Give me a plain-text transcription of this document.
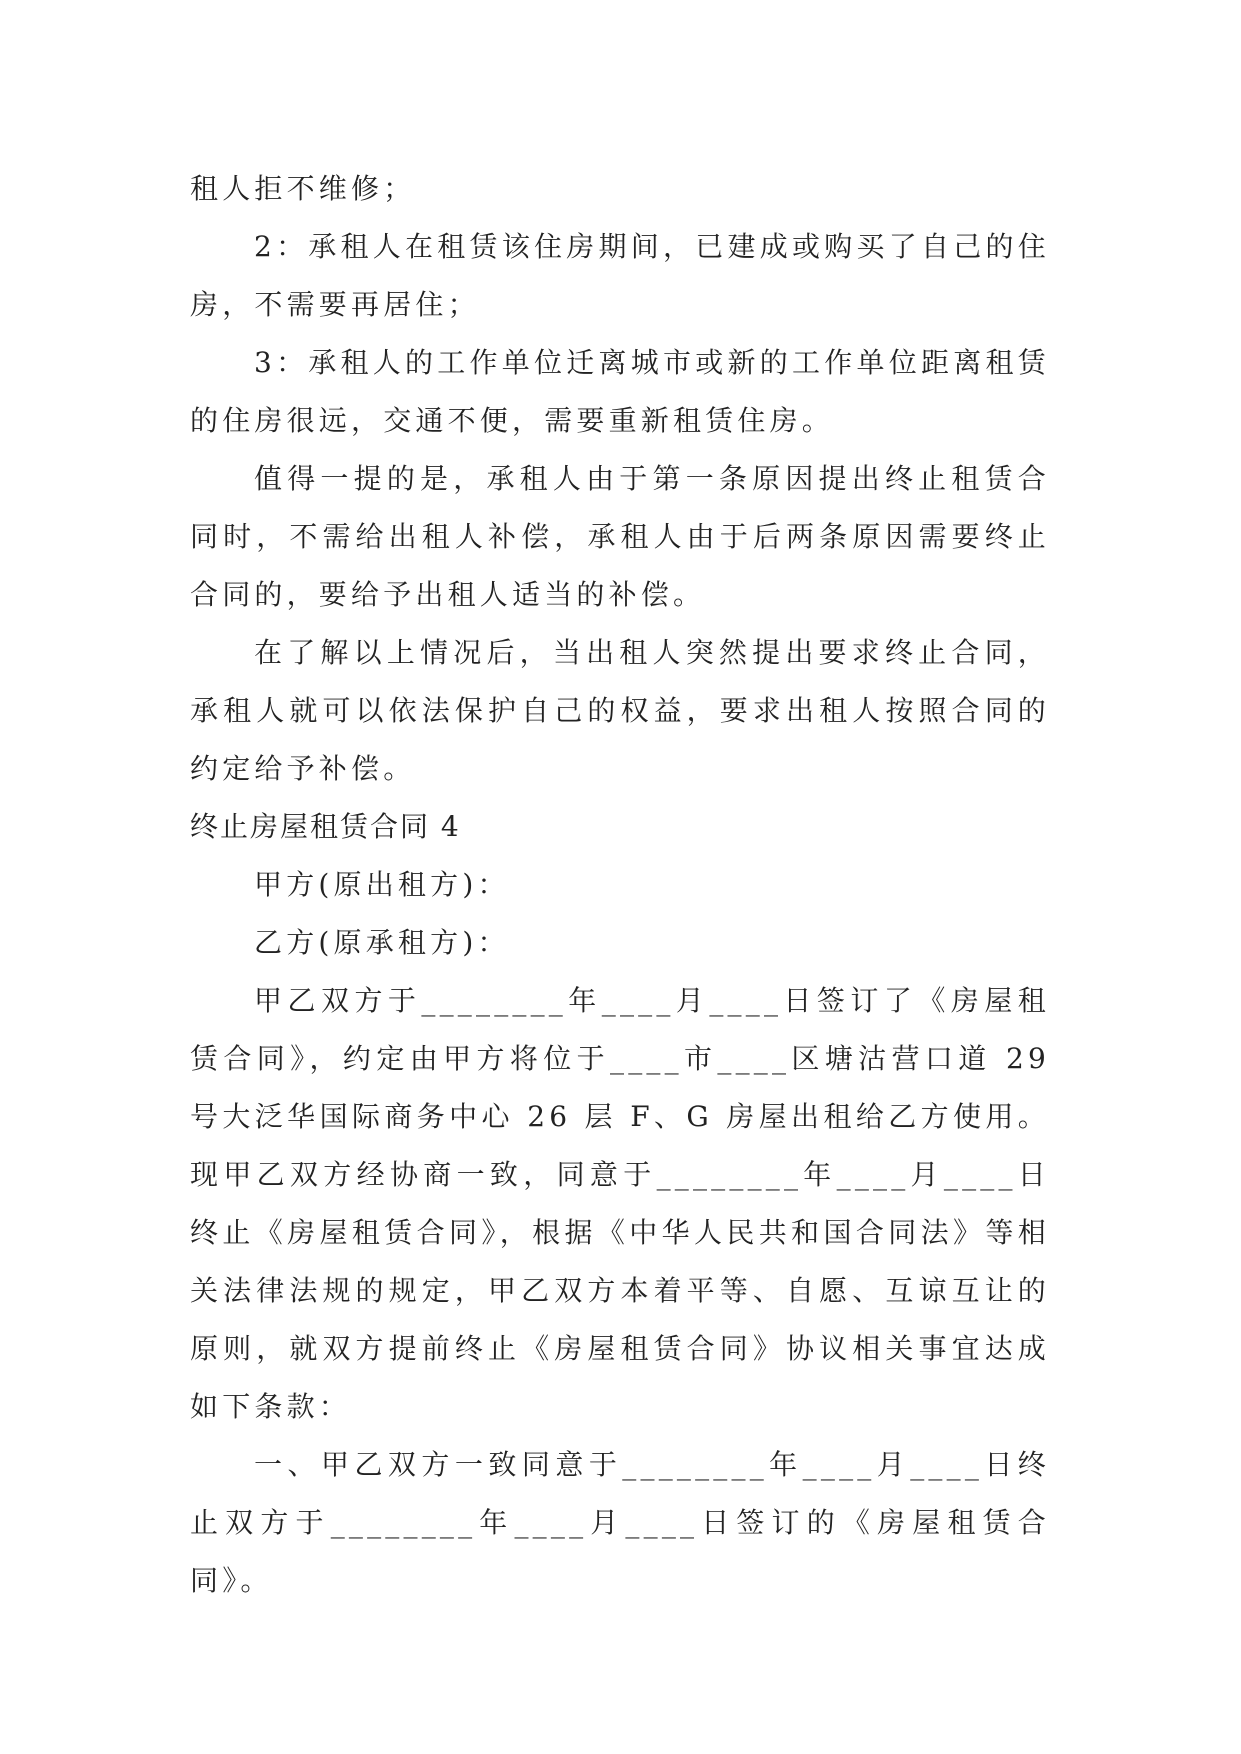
租人拒不维修；

2：承租人在租赁该住房期间，已建成或购买了自己的住房，不需要再居住；

3：承租人的工作单位迁离城市或新的工作单位距离租赁的住房很远，交通不便，需要重新租赁住房。

值得一提的是，承租人由于第一条原因提出终止租赁合同时，不需给出租人补偿，承租人由于后两条原因需要终止合同的，要给予出租人适当的补偿。

在了解以上情况后，当出租人突然提出要求终止合同，承租人就可以依法保护自己的权益，要求出租人按照合同的约定给予补偿。

终止房屋租赁合同 4

甲方(原出租方)：

乙方(原承租方)：

甲乙双方于________年____月____日签订了《房屋租赁合同》，约定由甲方将位于____市____区塘沽营口道 29 号大泛华国际商务中心 26 层 F、G 房屋出租给乙方使用。现甲乙双方经协商一致，同意于________年____月____日终止《房屋租赁合同》，根据《中华人民共和国合同法》等相关法律法规的规定，甲乙双方本着平等、自愿、互谅互让的原则，就双方提前终止《房屋租赁合同》协议相关事宜达成如下条款：

一、甲乙双方一致同意于________年____月____日终止双方于________年____月____日签订的《房屋租赁合同》。
